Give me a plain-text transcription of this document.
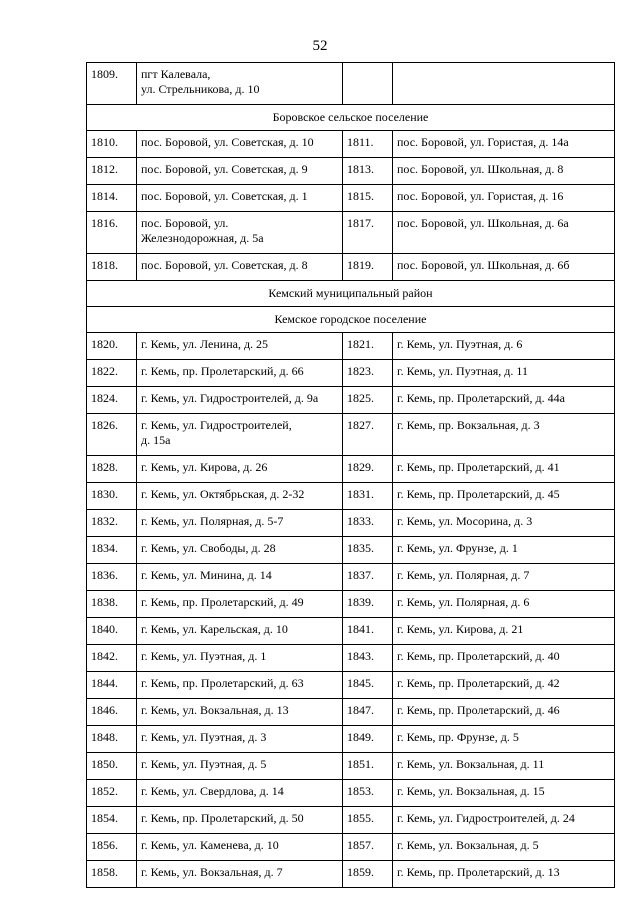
52
1809.	пгт Калевала,
ул. Стрельникова, д. 10		
Боровское сельское поселение			
1810.	пос. Боровой, ул. Советская, д. 10	1811.	пос. Боровой, ул. Гористая, д. 14а
1812.	пос. Боровой, ул. Советская, д. 9	1813.	пос. Боровой, ул. Школьная, д. 8
1814.	пос. Боровой, ул. Советская, д. 1	1815.	пос. Боровой, ул. Гористая, д. 16
1816.	пос. Боровой, ул.
Железнодорожная, д. 5а	1817.	пос. Боровой, ул. Школьная, д. 6а
1818.	пос. Боровой, ул. Советская, д. 8	1819.	пос. Боровой, ул. Школьная, д. 6б
Кемский муниципальный район			
Кемское городское поселение			
1820.	г. Кемь, ул. Ленина, д. 25	1821.	г. Кемь, ул. Пуэтная, д. 6
1822.	г. Кемь, пр. Пролетарский, д. 66	1823.	г. Кемь, ул. Пуэтная, д. 11
1824.	г. Кемь, ул. Гидростроителей, д. 9а	1825.	г. Кемь, пр. Пролетарский, д. 44а
1826.	г. Кемь, ул. Гидростроителей,
д. 15а	1827.	г. Кемь, пр. Вокзальная, д. 3
1828.	г. Кемь, ул. Кирова, д. 26	1829.	г. Кемь, пр. Пролетарский, д. 41
1830.	г. Кемь, ул. Октябрьская, д. 2-32	1831.	г. Кемь, пр. Пролетарский, д. 45
1832.	г. Кемь, ул. Полярная, д. 5-7	1833.	г. Кемь, ул. Мосорина, д. 3
1834.	г. Кемь, ул. Свободы, д. 28	1835.	г. Кемь, ул. Фрунзе, д. 1
1836.	г. Кемь, ул. Минина, д. 14	1837.	г. Кемь, ул. Полярная, д. 7
1838.	г. Кемь, пр. Пролетарский, д. 49	1839.	г. Кемь, ул. Полярная, д. 6
1840.	г. Кемь, ул. Карельская, д. 10	1841.	г. Кемь, ул. Кирова, д. 21
1842.	г. Кемь, ул. Пуэтная, д. 1	1843.	г. Кемь, пр. Пролетарский, д. 40
1844.	г. Кемь, пр. Пролетарский, д. 63	1845.	г. Кемь, пр. Пролетарский, д. 42
1846.	г. Кемь, ул. Вокзальная, д. 13	1847.	г. Кемь, пр. Пролетарский, д. 46
1848.	г. Кемь, ул. Пуэтная, д. 3	1849.	г. Кемь, пр. Фрунзе, д. 5
1850.	г. Кемь, ул. Пуэтная, д. 5	1851.	г. Кемь, ул. Вокзальная, д. 11
1852.	г. Кемь, ул. Свердлова, д. 14	1853.	г. Кемь, ул. Вокзальная, д. 15
1854.	г. Кемь, пр. Пролетарский, д. 50	1855.	г. Кемь, ул. Гидростроителей, д. 24
1856.	г. Кемь, ул. Каменева, д. 10	1857.	г. Кемь, ул. Вокзальная, д. 5
1858.	г. Кемь, ул. Вокзальная, д. 7	1859.	г. Кемь, пр. Пролетарский, д. 13
